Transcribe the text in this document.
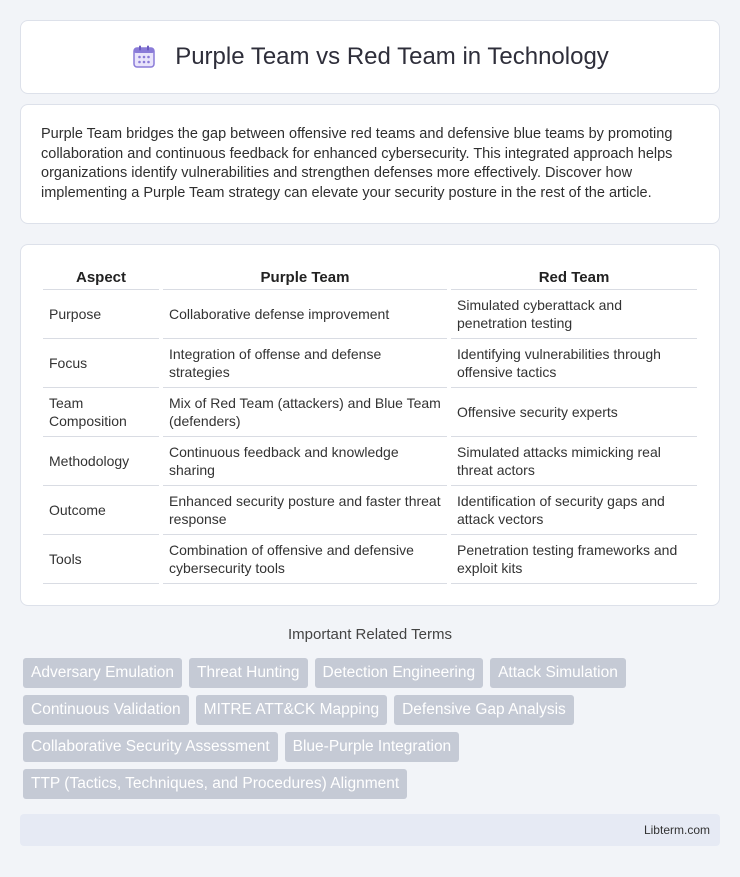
Purple Team vs Red Team in Technology

Purple Team bridges the gap between offensive red teams and defensive blue teams by promoting collaboration and continuous feedback for enhanced cybersecurity. This integrated approach helps organizations identify vulnerabilities and strengthen defenses more effectively. Discover how implementing a Purple Team strategy can elevate your security posture in the rest of the article.

Aspect	Purple Team	Red Team
Purpose	Collaborative defense improvement	Simulated cyberattack and penetration testing
Focus	Integration of offense and defense strategies	Identifying vulnerabilities through offensive tactics
Team Composition	Mix of Red Team (attackers) and Blue Team (defenders)	Offensive security experts
Methodology	Continuous feedback and knowledge sharing	Simulated attacks mimicking real threat actors
Outcome	Enhanced security posture and faster threat response	Identification of security gaps and attack vectors
Tools	Combination of offensive and defensive cybersecurity tools	Penetration testing frameworks and exploit kits
Important Related Terms
Adversary Emulation	Threat Hunting	Detection Engineering	Attack Simulation
Continuous Validation	MITRE ATT&CK Mapping	Defensive Gap Analysis
Collaborative Security Assessment	Blue-Purple Integration
TTP (Tactics, Techniques, and Procedures) Alignment
Libterm.com
